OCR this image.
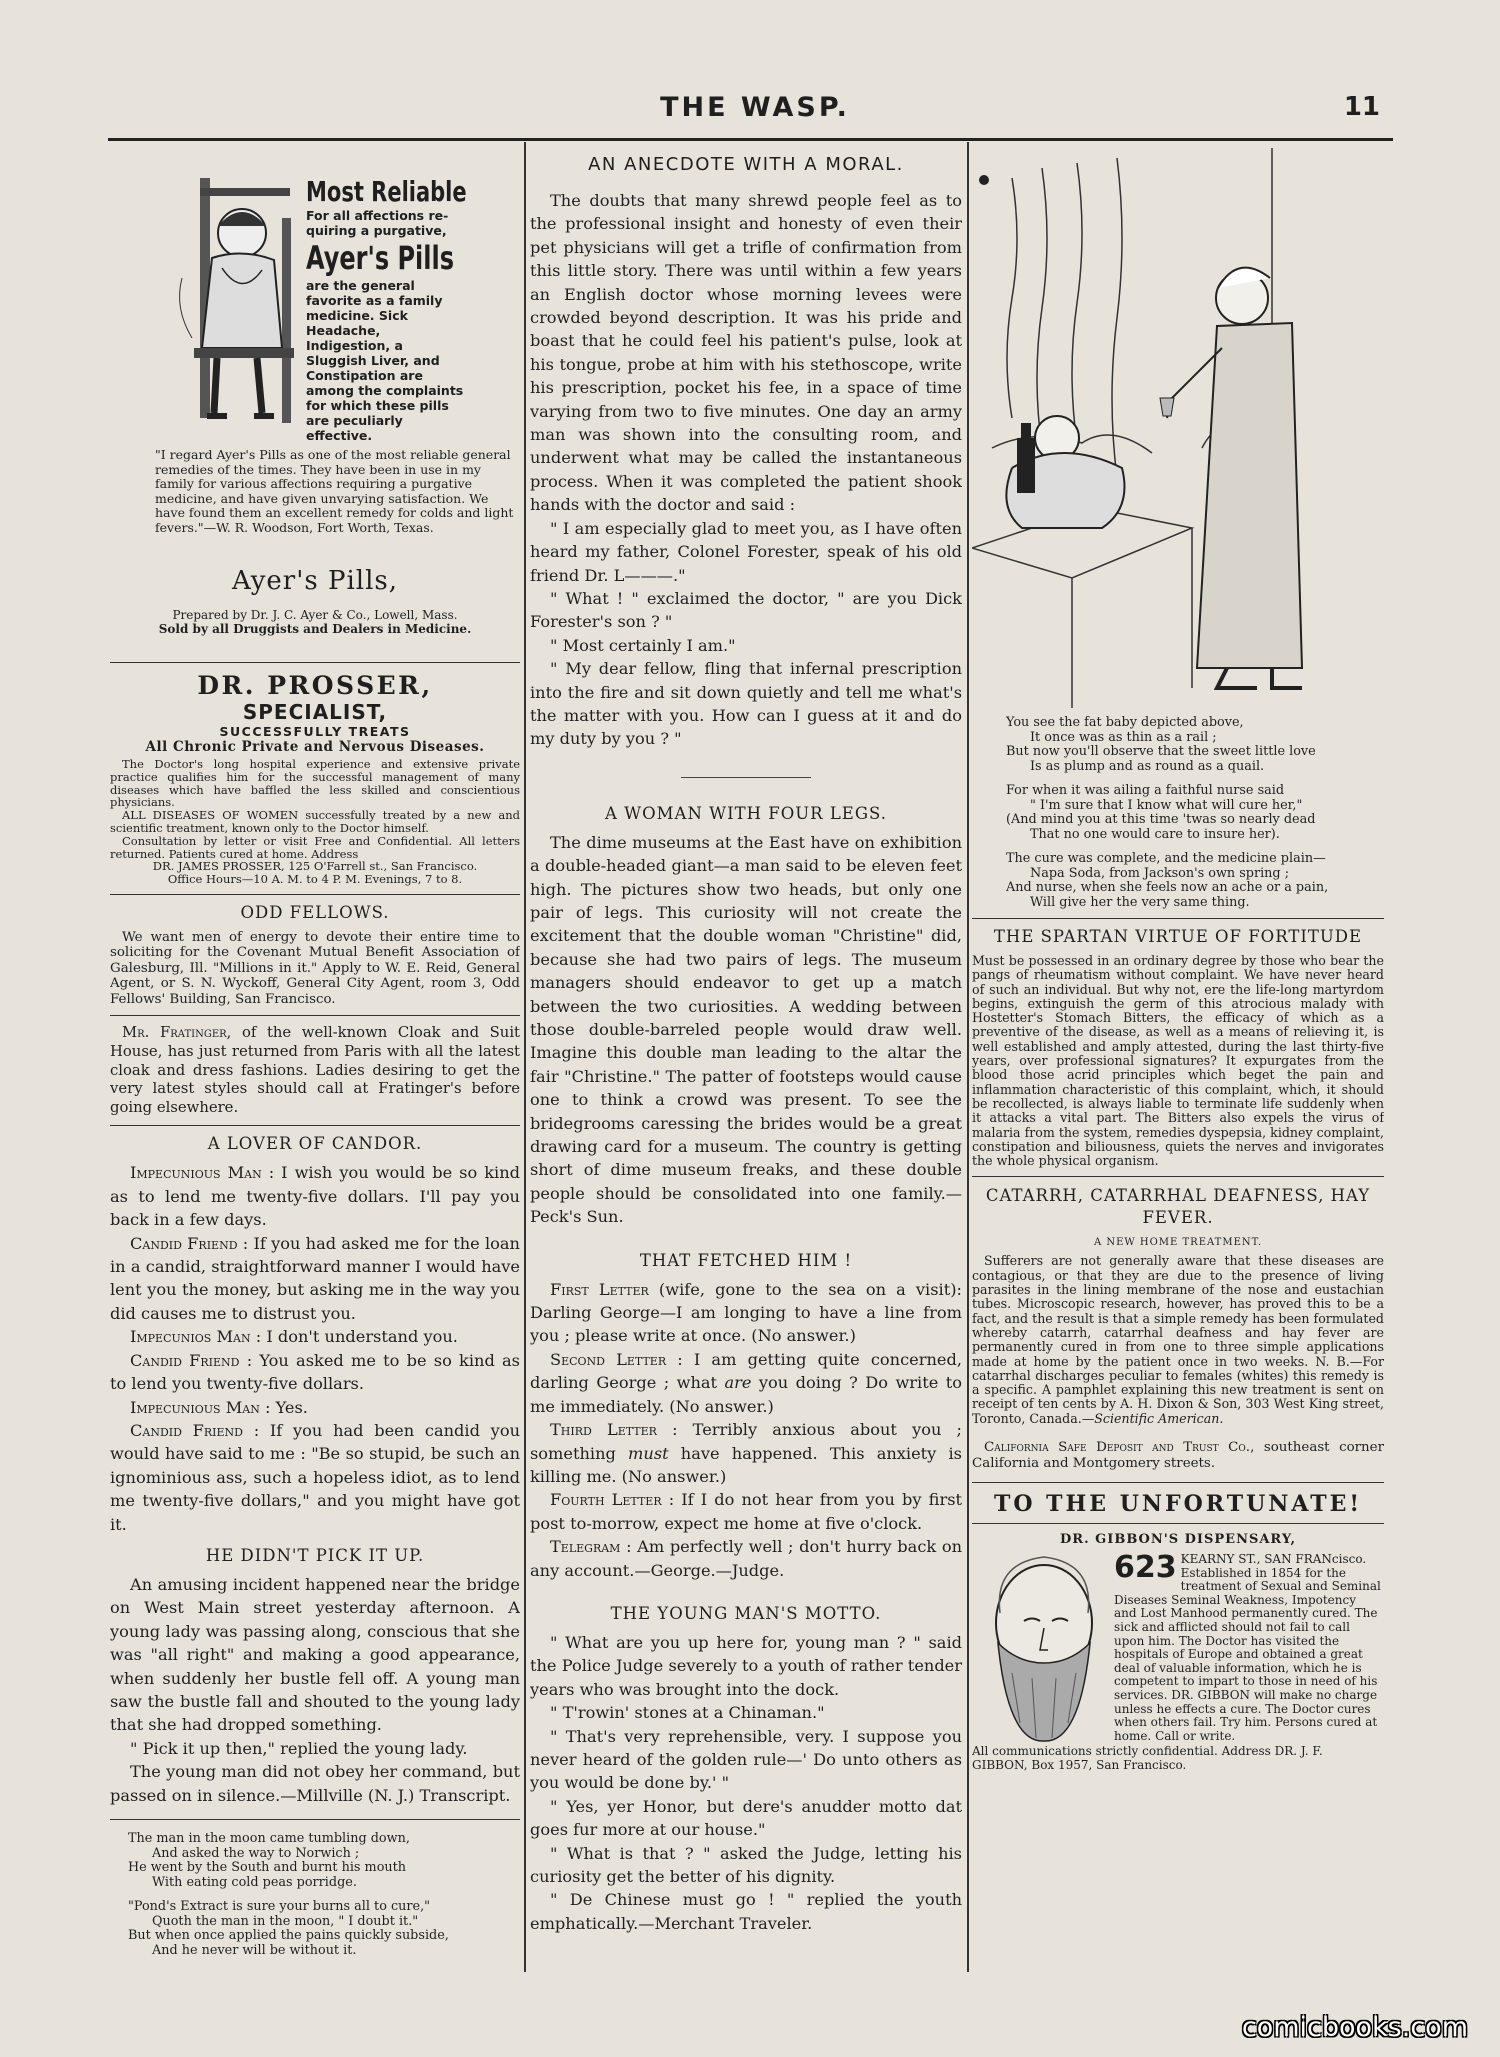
THE WASP.	11
Most Reliable
For all affections re-
quiring a purgative,
Ayer's Pills
are the general favorite as a family medicine. Sick Headache, Indigestion, a Sluggish Liver, and Constipation are among the complaints for which these pills are peculiarly effective.
"I regard Ayer's Pills as one of the most reliable general remedies of the times. They have been in use in my family for various affections requiring a purgative medicine, and have given unvarying satisfaction. We have found them an excellent remedy for colds and light fevers."—W. R. Woodson, Fort Worth, Texas.
Ayer's Pills,
Prepared by Dr. J. C. Ayer & Co., Lowell, Mass.
Sold by all Druggists and Dealers in Medicine.
DR. PROSSER,
SPECIALIST,
SUCCESSFULLY TREATS
All Chronic Private and Nervous Diseases.

The Doctor's long hospital experience and extensive private practice qualifies him for the successful management of many diseases which have baffled the less skilled and conscientious physicians.

ALL DISEASES OF WOMEN successfully treated by a new and scientific treatment, known only to the Doctor himself.

Consultation by letter or visit Free and Confidential. All letters returned. Patients cured at home. Address

DR. JAMES PROSSER, 125 O'Farrell st., San Francisco.
Office Hours—10 A. M. to 4 P. M. Evenings, 7 to 8.
ODD FELLOWS.

We want men of energy to devote their entire time to soliciting for the Covenant Mutual Benefit Association of Galesburg, Ill. "Millions in it." Apply to W. E. Reid, General Agent, or S. N. Wyckoff, General City Agent, room 3, Odd Fellows' Building, San Francisco.

Mr. Fratinger, of the well-known Cloak and Suit House, has just returned from Paris with all the latest cloak and dress fashions. Ladies desiring to get the very latest styles should call at Fratinger's before going elsewhere.

A LOVER OF CANDOR.

Impecunious Man : I wish you would be so kind as to lend me twenty-five dollars. I'll pay you back in a few days.

Candid Friend : If you had asked me for the loan in a candid, straightforward manner I would have lent you the money, but asking me in the way you did causes me to distrust you.

Impecunios Man : I don't understand you.

Candid Friend : You asked me to be so kind as to lend you twenty-five dollars.

Impecunious Man : Yes.

Candid Friend : If you had been candid you would have said to me : "Be so stupid, be such an ignominious ass, such a hopeless idiot, as to lend me twenty-five dollars," and you might have got it.

HE DIDN'T PICK IT UP.

An amusing incident happened near the bridge on West Main street yesterday afternoon. A young lady was passing along, conscious that she was "all right" and making a good appearance, when suddenly her bustle fell off. A young man saw the bustle fall and shouted to the young lady that she had dropped something.

" Pick it up then," replied the young lady.

The young man did not obey her command, but passed on in silence.—Millville (N. J.) Transcript.

The man in the moon came tumbling down,
And asked the way to Norwich ;
He went by the South and burnt his mouth
With eating cold peas porridge.
"Pond's Extract is sure your burns all to cure,"
Quoth the man in the moon, " I doubt it."
But when once applied the pains quickly subside,
And he never will be without it.
AN ANECDOTE WITH A MORAL.

The doubts that many shrewd people feel as to the professional insight and honesty of even their pet physicians will get a trifle of confirmation from this little story. There was until within a few years an English doctor whose morning levees were crowded beyond description. It was his pride and boast that he could feel his patient's pulse, look at his tongue, probe at him with his stethoscope, write his prescription, pocket his fee, in a space of time varying from two to five minutes. One day an army man was shown into the consulting room, and underwent what may be called the instantaneous process. When it was completed the patient shook hands with the doctor and said :

" I am especially glad to meet you, as I have often heard my father, Colonel Forester, speak of his old friend Dr. L———."

" What ! " exclaimed the doctor, " are you Dick Forester's son ? "

" Most certainly I am."

" My dear fellow, fling that infernal prescription into the fire and sit down quietly and tell me what's the matter with you. How can I guess at it and do my duty by you ? "

A WOMAN WITH FOUR LEGS.

The dime museums at the East have on exhibition a double-headed giant—a man said to be eleven feet high. The pictures show two heads, but only one pair of legs. This curiosity will not create the excitement that the double woman "Christine" did, because she had two pairs of legs. The museum managers should endeavor to get up a match between the two curiosities. A wedding between those double-barreled people would draw well. Imagine this double man leading to the altar the fair "Christine." The patter of footsteps would cause one to think a crowd was present. To see the bridegrooms caressing the brides would be a great drawing card for a museum. The country is getting short of dime museum freaks, and these double people should be consolidated into one family.—Peck's Sun.

THAT FETCHED HIM !

First Letter (wife, gone to the sea on a visit): Darling George—I am longing to have a line from you ; please write at once. (No answer.)

Second Letter : I am getting quite concerned, darling George ; what are you doing ? Do write to me immediately. (No answer.)

Third Letter : Terribly anxious about you ; something must have happened. This anxiety is killing me. (No answer.)

Fourth Letter : If I do not hear from you by first post to-morrow, expect me home at five o'clock.

Telegram : Am perfectly well ; don't hurry back on any account.—George.—Judge.

THE YOUNG MAN'S MOTTO.

" What are you up here for, young man ? " said the Police Judge severely to a youth of rather tender years who was brought into the dock.

" T'rowin' stones at a Chinaman."

" That's very reprehensible, very. I suppose you never heard of the golden rule—' Do unto others as you would be done by.' "

" Yes, yer Honor, but dere's anudder motto dat goes fur more at our house."

" What is that ? " asked the Judge, letting his curiosity get the better of his dignity.

" De Chinese must go ! " replied the youth emphatically.—Merchant Traveler.

You see the fat baby depicted above,
It once was as thin as a rail ;
But now you'll observe that the sweet little love
Is as plump and as round as a quail.
For when it was ailing a faithful nurse said
" I'm sure that I know what will cure her,"
(And mind you at this time 'twas so nearly dead
That no one would care to insure her).
The cure was complete, and the medicine plain—
Napa Soda, from Jackson's own spring ;
And nurse, when she feels now an ache or a pain,
Will give her the very same thing.
THE SPARTAN VIRTUE OF FORTITUDE

Must be possessed in an ordinary degree by those who bear the pangs of rheumatism without complaint. We have never heard of such an individual. But why not, ere the life-long martyrdom begins, extinguish the germ of this atrocious malady with Hostetter's Stomach Bitters, the efficacy of which as a preventive of the disease, as well as a means of relieving it, is well established and amply attested, during the last thirty-five years, over professional signatures? It expurgates from the blood those acrid principles which beget the pain and inflammation characteristic of this complaint, which, it should be recollected, is always liable to terminate life suddenly when it attacks a vital part. The Bitters also expels the virus of malaria from the system, remedies dyspepsia, kidney complaint, constipation and biliousness, quiets the nerves and invigorates the whole physical organism.

CATARRH, CATARRHAL DEAFNESS, HAY FEVER.
A NEW HOME TREATMENT.

Sufferers are not generally aware that these diseases are contagious, or that they are due to the presence of living parasites in the lining membrane of the nose and eustachian tubes. Microscopic research, however, has proved this to be a fact, and the result is that a simple remedy has been formulated whereby catarrh, catarrhal deafness and hay fever are permanently cured in from one to three simple applications made at home by the patient once in two weeks. N. B.—For catarrhal discharges peculiar to females (whites) this remedy is a specific. A pamphlet explaining this new treatment is sent on receipt of ten cents by A. H. Dixon & Son, 303 West King street, Toronto, Canada.—Scientific American.

California Safe Deposit and Trust Co., southeast corner California and Montgomery streets.

TO THE UNFORTUNATE!
DR. GIBBON'S DISPENSARY,
623 KEARNY ST., SAN FRANcisco. Established in 1854 for the treatment of Sexual and Seminal Diseases Seminal Weakness, Impotency and Lost Manhood permanently cured. The sick and afflicted should not fail to call upon him. The Doctor has visited the hospitals of Europe and obtained a great deal of valuable information, which he is competent to impart to those in need of his services. DR. GIBBON will make no charge unless he effects a cure. The Doctor cures when others fail. Try him. Persons cured at home. Call or write.
All communications strictly confidential. Address DR. J. F. GIBBON, Box 1957, San Francisco.
comicbooks.com
